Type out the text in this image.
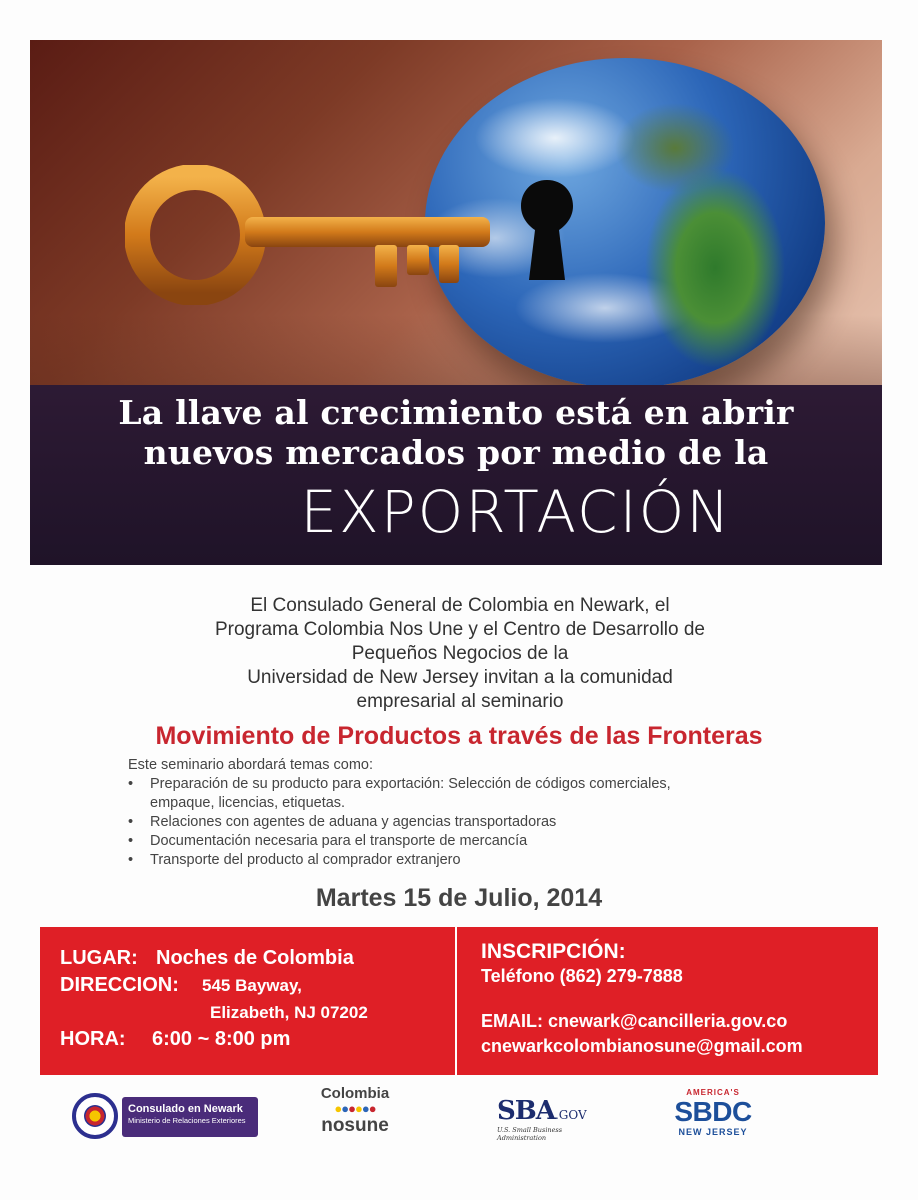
La llave al crecimiento está en abrir
nuevos mercados por medio de la
EXPORTACIÓN
El Consulado General de Colombia en Newark, el
Programa Colombia Nos Une y el Centro de Desarrollo de
Pequeños Negocios de la
Universidad de New Jersey invitan a la comunidad
empresarial al seminario
Movimiento de Productos a través de las Fronteras
Este seminario abordará temas como:
• Preparación de su producto para exportación: Selección de códigos comerciales,
empaque, licencias, etiquetas.
• Relaciones con agentes de aduana y agencias transportadoras
• Documentación necesaria para el transporte de mercancía
• Transporte del producto al comprador extranjero
Martes 15 de Julio, 2014
LUGAR: Noches de Colombia
DIRECCION: 545 Bayway,
Elizabeth, NJ 07202
HORA: 6:00 ~ 8:00 pm
INSCRIPCIÓN:
Teléfono (862) 279-7888
EMAIL: cnewark@cancilleria.gov.co
cnewarkcolombianosune@gmail.com
Consulado en Newark
Ministerio de Relaciones Exteriores
Colombia
●●●●●●
nosune	SBA.GOV
U.S. Small Business Administration
AMERICA'S
SBDC
NEW JERSEY
